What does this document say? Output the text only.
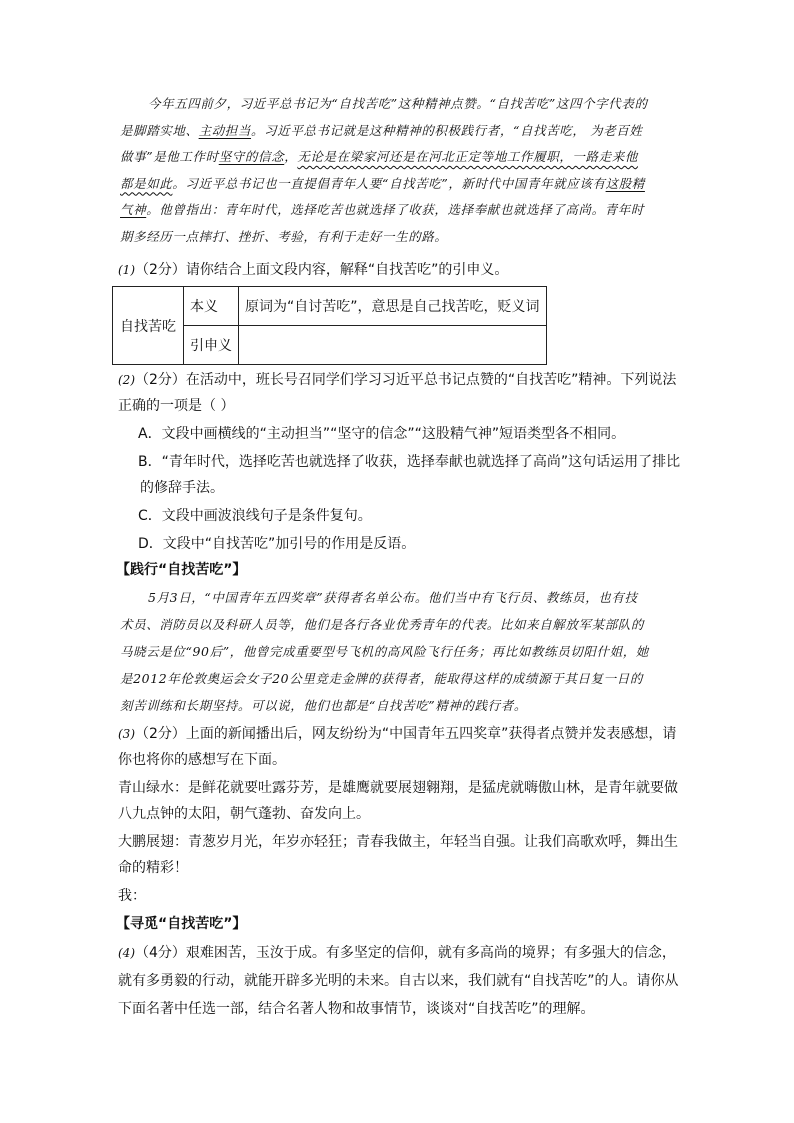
今年五四前夕，习近平总书记为“自找苦吃”这种精神点赞。“自找苦吃”这四个字代表的
是脚踏实地、主动担当。习近平总书记就是这种精神的积极践行者，“自找苦吃， 为老百姓
做事”是他工作时坚守的信念，无论是在梁家河还是在河北正定等地工作履职，一路走来他
都是如此。习近平总书记也一直提倡青年人要“自找苦吃”，新时代中国青年就应该有这股精
气神。他曾指出：青年时代，选择吃苦也就选择了收获，选择奉献也就选择了高尚。青年时
期多经历一点摔打、挫折、考验，有利于走好一生的路。
(1)（2分）请你结合上面文段内容，解释“自找苦吃”的引申义。
自找苦吃	本义	原词为“自讨苦吃”，意思是自己找苦吃，贬义词
	引申义	
(2)（2分）在活动中，班长号召同学们学习习近平总书记点赞的“自找苦吃”精神。下列说法
正确的一项是（ ）
A．文段中画横线的“主动担当”“坚守的信念”“这股精气神”短语类型各不相同。
B．“青年时代，选择吃苦也就选择了收获，选择奉献也就选择了高尚”这句话运用了排比
的修辞手法。
C．文段中画波浪线句子是条件复句。
D．文段中“自找苦吃”加引号的作用是反语。
【践行“自找苦吃”】
5月3日，“中国青年五四奖章”获得者名单公布。他们当中有飞行员、教练员，也有技
术员、消防员以及科研人员等，他们是各行各业优秀青年的代表。比如来自解放军某部队的
马晓云是位“90后”，他曾完成重要型号飞机的高风险飞行任务；再比如教练员切阳什姐，她
是2012年伦敦奥运会女子20公里竞走金牌的获得者，能取得这样的成绩源于其日复一日的
刻苦训练和长期坚持。可以说，他们也都是“自找苦吃”精神的践行者。
(3)（2分）上面的新闻播出后，网友纷纷为“中国青年五四奖章”获得者点赞并发表感想，请
你也将你的感想写在下面。
青山绿水：是鲜花就要吐露芬芳，是雄鹰就要展翅翱翔，是猛虎就嗨傲山林，是青年就要做
八九点钟的太阳，朝气蓬勃、奋发向上。
大鹏展翅：青葱岁月光，年岁亦轻狂；青春我做主，年轻当自强。让我们高歌欢呼，舞出生
命的精彩！
我：
【寻觅“自找苦吃”】
(4)（4分）艰难困苦，玉汝于成。有多坚定的信仰，就有多高尚的境界；有多强大的信念，
就有多勇毅的行动，就能开辟多光明的未来。自古以来，我们就有“自找苦吃”的人。请你从
下面名著中任选一部，结合名著人物和故事情节，谈谈对“自找苦吃”的理解。
